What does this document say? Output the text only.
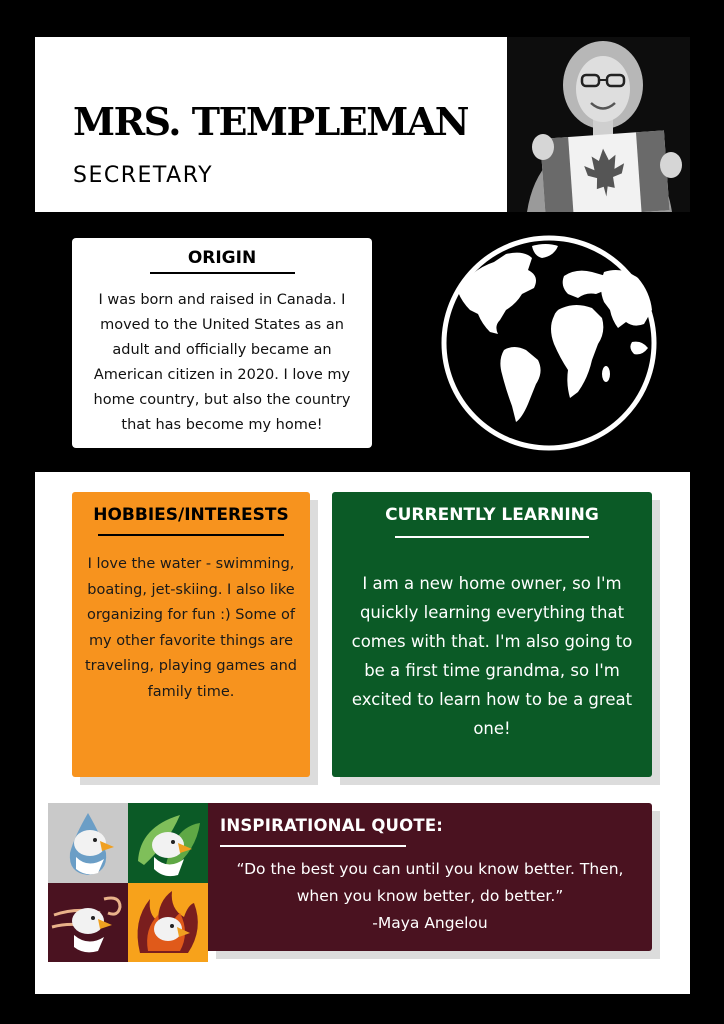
MRS. TEMPLEMAN
SECRETARY
ORIGIN

I was born and raised in Canada. I moved to the United States as an adult and officially became an American citizen in 2020. I love my home country, but also the country that has become my home!

HOBBIES/INTERESTS

I love the water - swimming, boating, jet-skiing. I also like organizing for fun :) Some of my other favorite things are traveling, playing games and family time.

CURRENTLY LEARNING

I am a new home owner, so I'm quickly learning everything that comes with that. I'm also going to be a first time grandma, so I'm excited to learn how to be a great one!

INSPIRATIONAL QUOTE:

“Do the best you can until you know better. Then, when you know better, do better.”

-Maya Angelou
